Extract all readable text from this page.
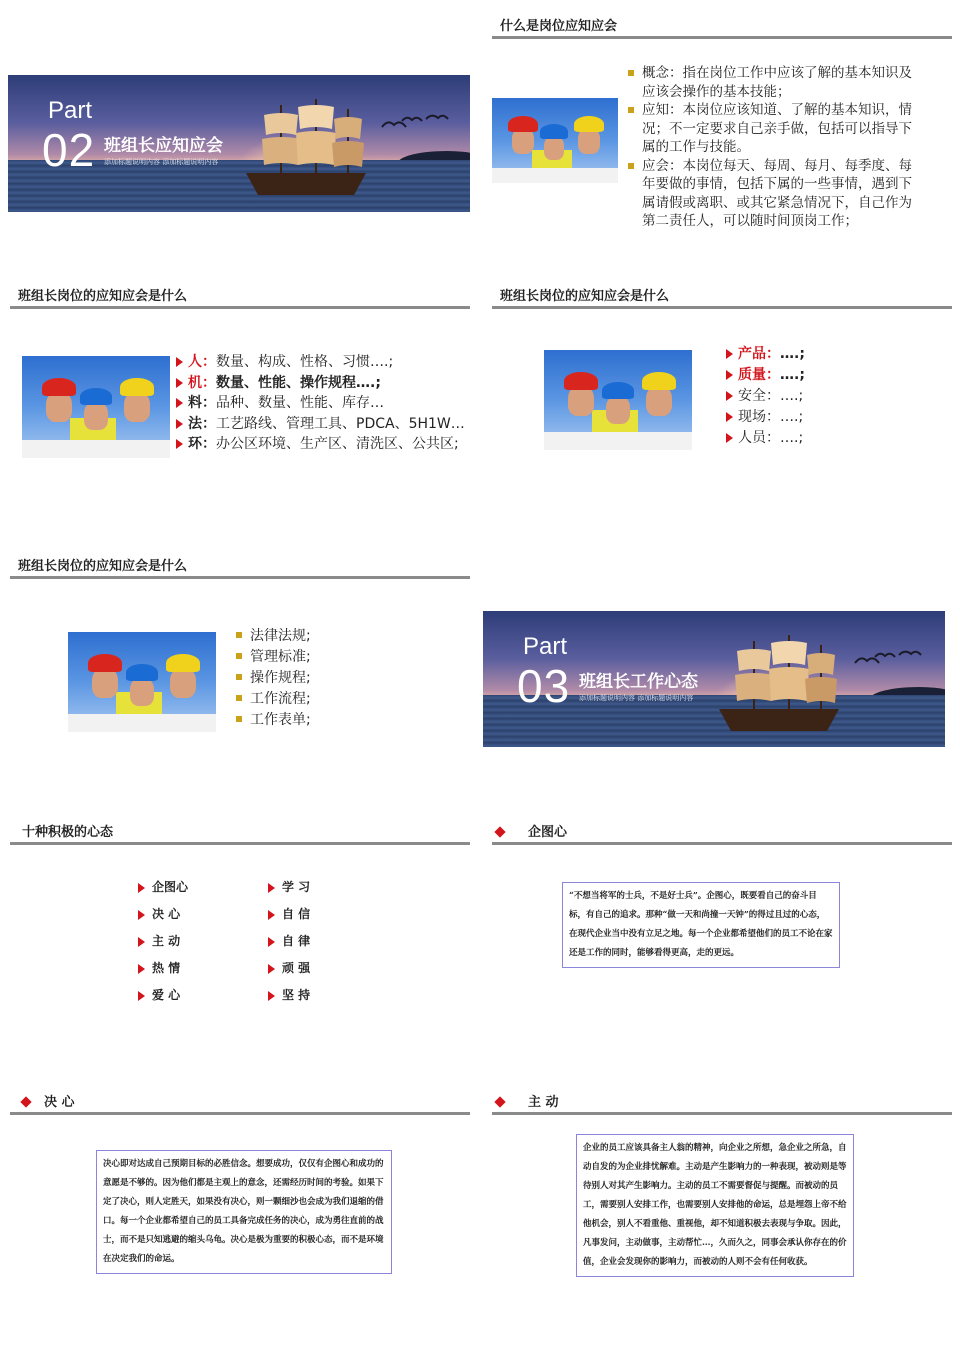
Part
02 班组长应知应会
添加标题说明内容 添加标题说明内容
什么是岗位应知应会
概念：指在岗位工作中应该了解的基本知识及应该会操作的基本技能；
应知：本岗位应该知道、了解的基本知识，情况；不一定要求自己亲手做，包括可以指导下属的工作与技能。
应会：本岗位每天、每周、每月、每季度、每年要做的事情，包括下属的一些事情，遇到下属请假或离职、或其它紧急情况下，自己作为第二责任人，可以随时间顶岗工作；
班组长岗位的应知应会是什么
人：数量、构成、性格、习惯….;
机：数量、性能、操作规程….;
料：品种、数量、性能、库存…
法：工艺路线、管理工具、PDCA、5H1W…
环：办公区环境、生产区、清洗区、公共区;
班组长岗位的应知应会是什么
产品：….;
质量：….;
安全：….;
现场：….;
人员：….;
班组长岗位的应知应会是什么
法律法规;
管理标准;
操作规程;
工作流程;
工作表单;
Part
03 班组长工作心态
添加标题说明内容 添加标题说明内容
十种积极的心态
企图心
决 心
主 动
热 情
爱 心
学 习
自 信
自 律
顽 强
坚 持
企图心
“不想当将军的士兵，不是好士兵”。企图心，既要看自己的奋斗目标，有自己的追求。那种“做一天和尚撞一天钟”的得过且过的心态，在现代企业当中没有立足之地。每一个企业都希望他们的员工不论在家还是工作的同时，能够看得更高，走的更远。
决 心
决心即对达成自己预期目标的必胜信念。想要成功，仅仅有企图心和成功的意愿是不够的。因为他们都是主观上的意念，还需经历时间的考验。如果下定了决心，则人定胜天，如果没有决心，则一颗细沙也会成为我们退缩的借口。每一个企业都希望自己的员工具备完成任务的决心，成为勇往直前的战士，而不是只知逃避的缩头乌龟。决心是极为重要的积极心态，而不是环境在决定我们的命运。
主 动
企业的员工应该具备主人翁的精神，向企业之所想，急企业之所急，自动自发的为企业排忧解难。主动是产生影响力的一种表现，被动则是等待别人对其产生影响力。主动的员工不需要督促与提醒。而被动的员工，需要别人安排工作，也需要别人安排他的命运，总是埋怨上帝不给他机会，别人不看重他、重视他，却不知道积极去表现与争取。因此，凡事发问，主动做事，主动帮忙…，久而久之，同事会承认你存在的价值，企业会发现你的影响力，而被动的人则不会有任何收获。
